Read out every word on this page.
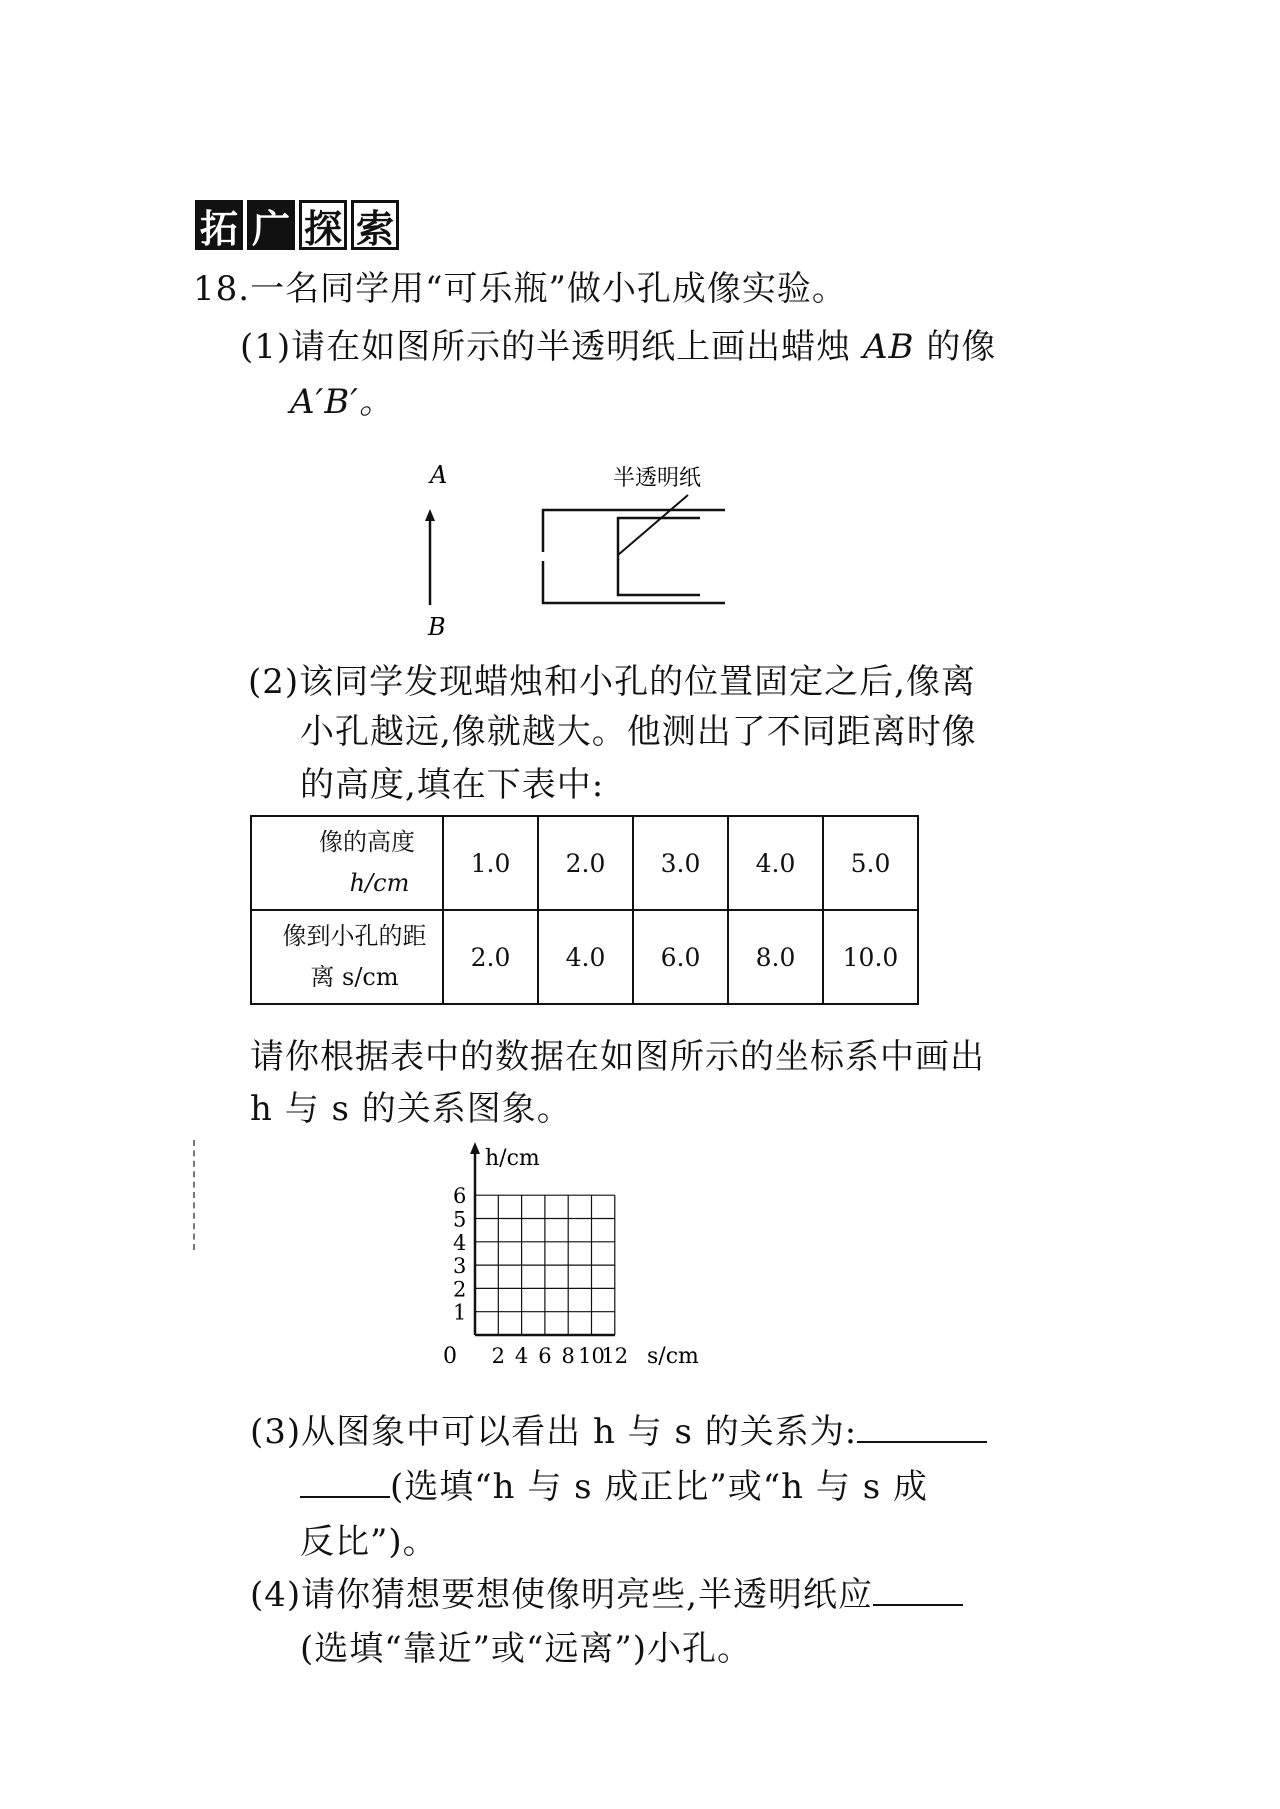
拓 广 探 索
18.一名同学用“可乐瓶”做小孔成像实验。
(1)请在如图所示的半透明纸上画出蜡烛 AB 的像
A′B′。
A
B
半透明纸
(2)该同学发现蜡烛和小孔的位置固定之后,像离
小孔越远,像就越大。他测出了不同距离时像
的高度,填在下表中:
像的高度
h/cm	1.0	2.0	3.0	4.0	5.0

像到小孔的距
离 s/cm	2.0	4.0	6.0	8.0	10.0
请你根据表中的数据在如图所示的坐标系中画出
h 与 s 的关系图象。
h/cm
0
1
2
3
4
5
6
2 4 6 8 10
12 s/cm
(3)从图象中可以看出 h 与 s 的关系为:
(选填“h 与 s 成正比”或“h 与 s 成
反比”)。
(4)请你猜想要想使像明亮些,半透明纸应
(选填“靠近”或“远离”)小孔。
